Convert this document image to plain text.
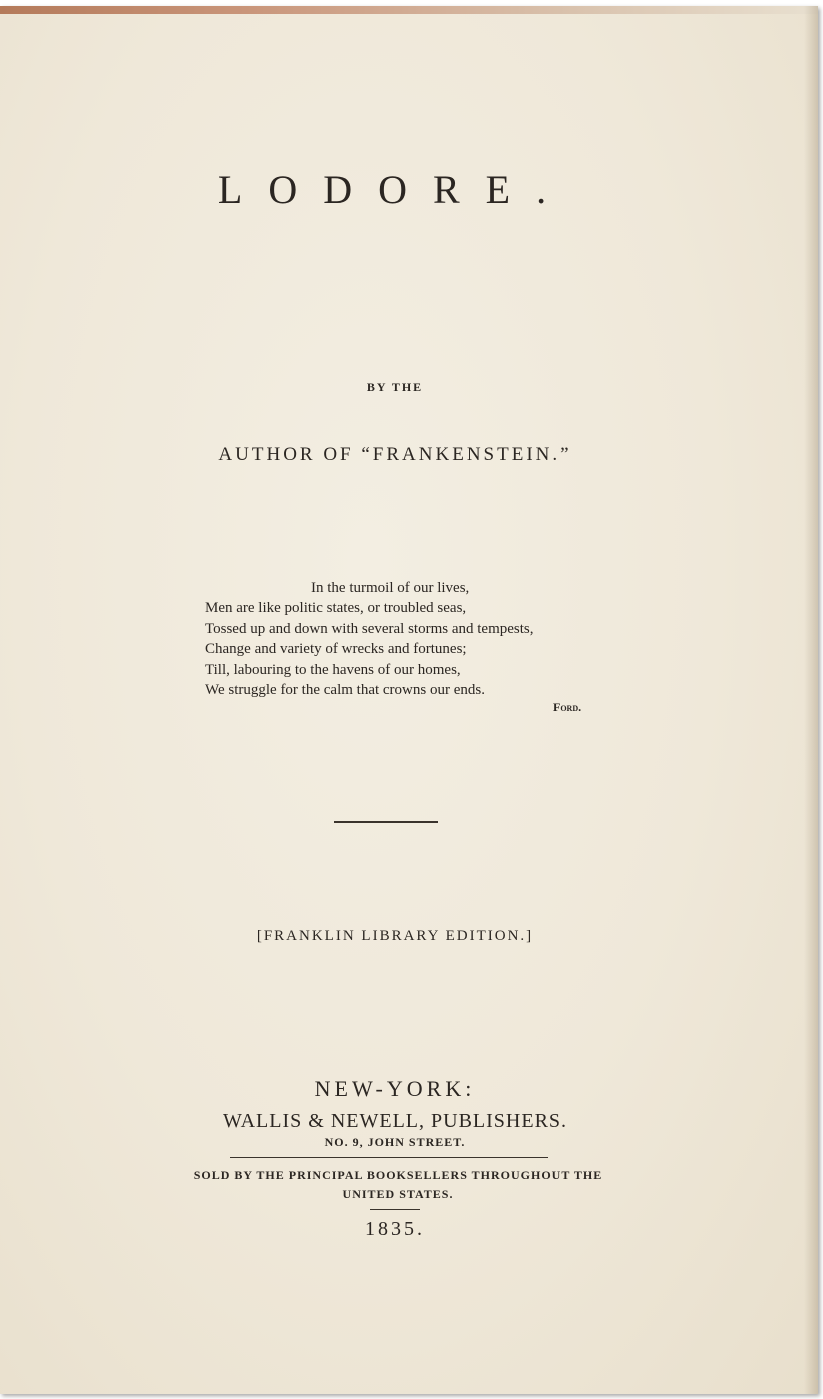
LODORE.
BY THE
AUTHOR OF “FRANKENSTEIN.”
In the turmoil of our lives,
Men are like politic states, or troubled seas,
Tossed up and down with several storms and tempests,
Change and variety of wrecks and fortunes;
Till, labouring to the havens of our homes,
We struggle for the calm that crowns our ends.
Ford.
[FRANKLIN LIBRARY EDITION.]
NEW-YORK:
WALLIS & NEWELL, PUBLISHERS.
NO. 9, JOHN STREET.
SOLD BY THE PRINCIPAL BOOKSELLERS THROUGHOUT THE
UNITED STATES.
1835.
